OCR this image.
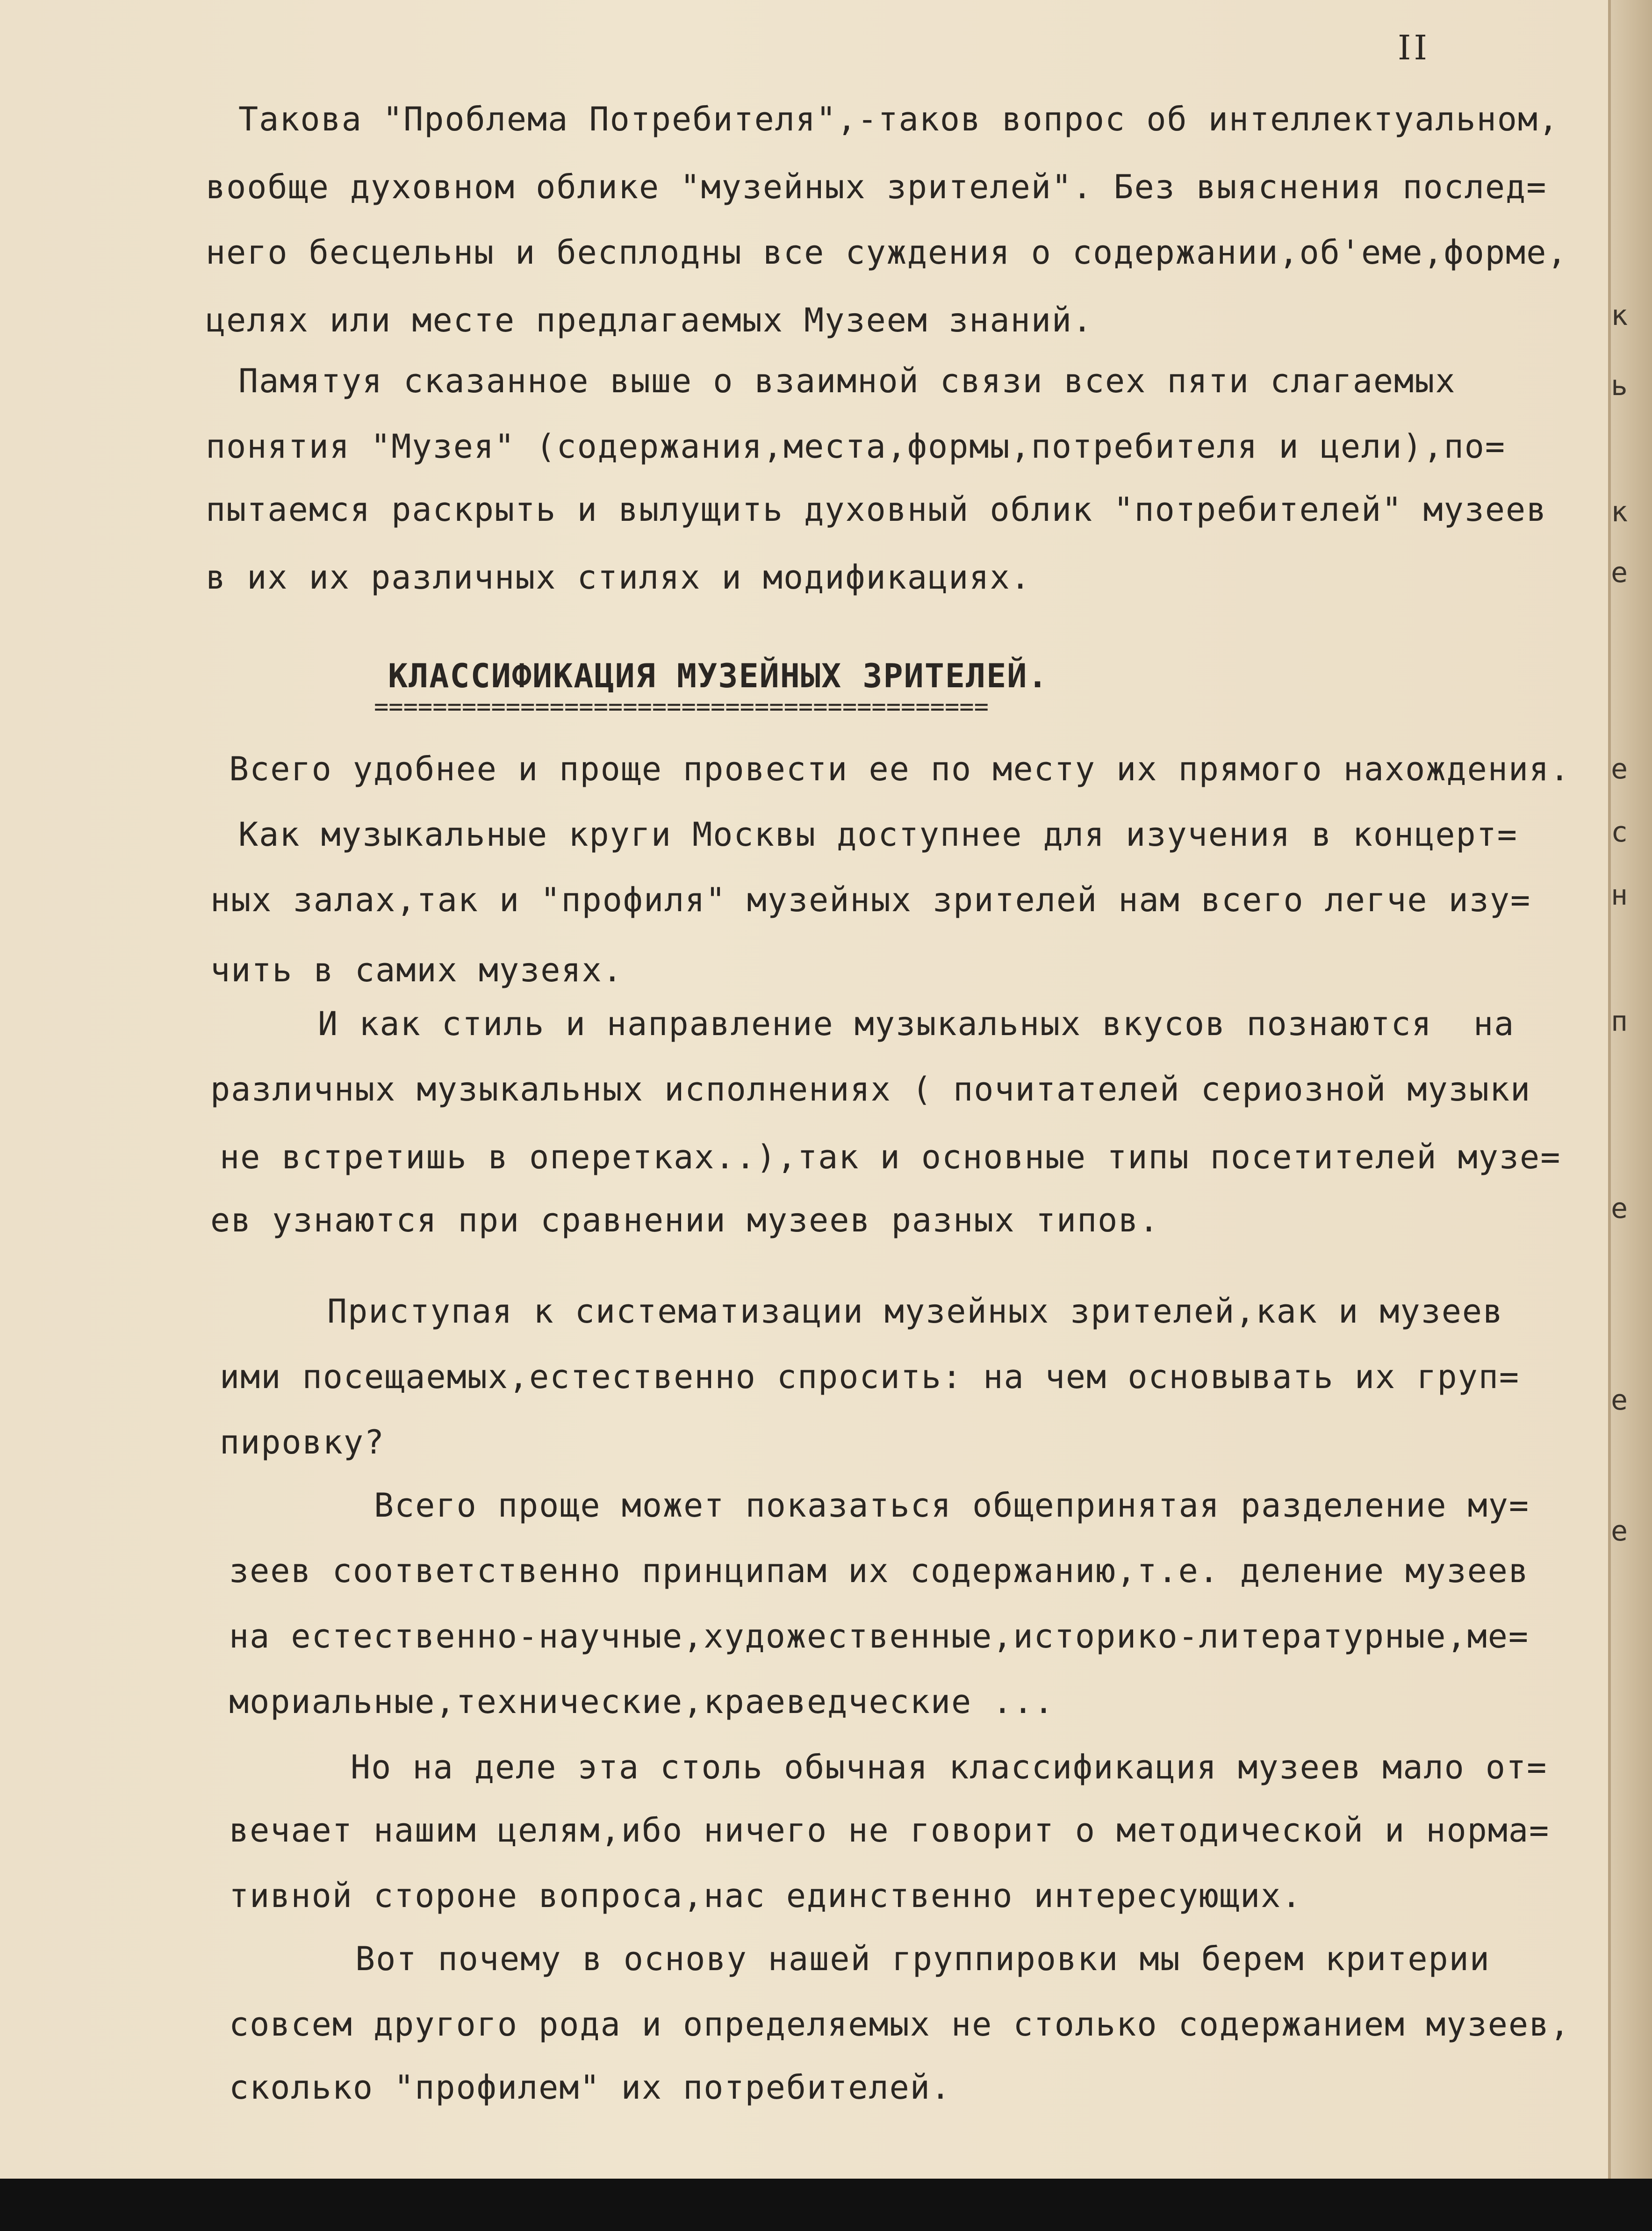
к
ь
к
е
е
с
н
п
е
е
е
II
Такова "Проблема Потребителя",-таков вопрос об интеллектуальном,
вообще духовном облике "музейных зрителей". Без выяснения послед=
него бесцельны и бесплодны все суждения о содержании,об'еме,форме,
целях или месте предлагаемых Музеем знаний.
Памятуя сказанное выше о взаимной связи всех пяти слагаемых
понятия "Музея" (содержания,места,формы,потребителя и цели),по=
пытаемся раскрыть и вылущить духовный облик "потребителей" музеев
в их их различных стилях и модификациях.
КЛАССИФИКАЦИЯ МУЗЕЙНЫХ ЗРИТЕЛЕЙ.
==========================================
Всего удобнее и проще провести ее по месту их прямого нахождения.
Как музыкальные круги Москвы доступнее для изучения в концерт=
ных залах,так и "профиля" музейных зрителей нам всего легче изу=
чить в самих музеях.
И как стиль и направление музыкальных вкусов познаются  на
различных музыкальных исполнениях ( почитателей сериозной музыки
не встретишь в оперетках..),так и основные типы посетителей музе=
ев узнаются при сравнении музеев разных типов.
Приступая к систематизации музейных зрителей,как и музеев
ими посещаемых,естественно спросить: на чем основывать их груп=
пировку?
Всего проще может показаться общепринятая разделение му=
зеев соответственно принципам их содержанию,т.е. деление музеев
на естественно-научные,художественные,историко-литературные,ме=
мориальные,технические,краеведческие ...
Но на деле эта столь обычная классификация музеев мало от=
вечает нашим целям,ибо ничего не говорит о методической и норма=
тивной стороне вопроса,нас единственно интересующих.
Вот почему в основу нашей группировки мы берем критерии
совсем другого рода и определяемых не столько содержанием музеев,
сколько "профилем" их потребителей.
